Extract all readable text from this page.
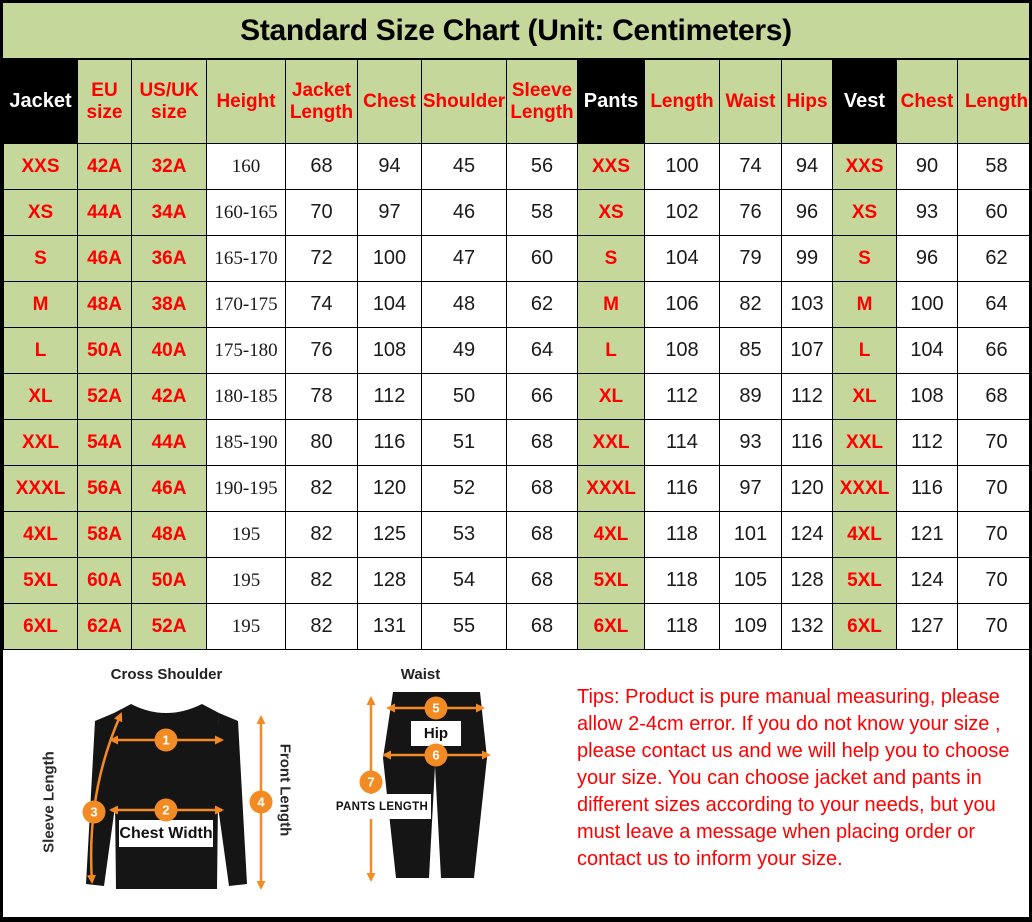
Standard Size Chart (Unit: Centimeters)
Jacket	EU size	US/UK size	Height	Jacket Length	Chest	Shoulder	Sleeve Length	Pants	Length	Waist	Hips	Vest	Chest	Length
XXS	42A	32A	160	68	94	45	56	XXS	100	74	94	XXS	90	58
XS	44A	34A	160-165	70	97	46	58	XS	102	76	96	XS	93	60
S	46A	36A	165-170	72	100	47	60	S	104	79	99	S	96	62
M	48A	38A	170-175	74	104	48	62	M	106	82	103	M	100	64
L	50A	40A	175-180	76	108	49	64	L	108	85	107	L	104	66
XL	52A	42A	180-185	78	112	50	66	XL	112	89	112	XL	108	68
XXL	54A	44A	185-190	80	116	51	68	XXL	114	93	116	XXL	112	70
XXXL	56A	46A	190-195	82	120	52	68	XXXL	116	97	120	XXXL	116	70
4XL	58A	48A	195	82	125	53	68	4XL	118	101	124	4XL	121	70
5XL	60A	50A	195	82	128	54	68	5XL	118	105	128	5XL	124	70
6XL	62A	52A	195	82	131	55	68	6XL	118	109	132	6XL	127	70
Cross Shoulder
Sleeve Length	Front Length
Chest Width
1
2
3
4
Waist
Hip
PANTS LENGTH
5
6
7
Tips: Product is pure manual measuring, please allow 2-4cm error. If you do not know your size , please contact us and we will help you to choose your size. You can choose jacket and pants in different sizes according to your needs, but you must leave a message when placing order or contact us to inform your size.
